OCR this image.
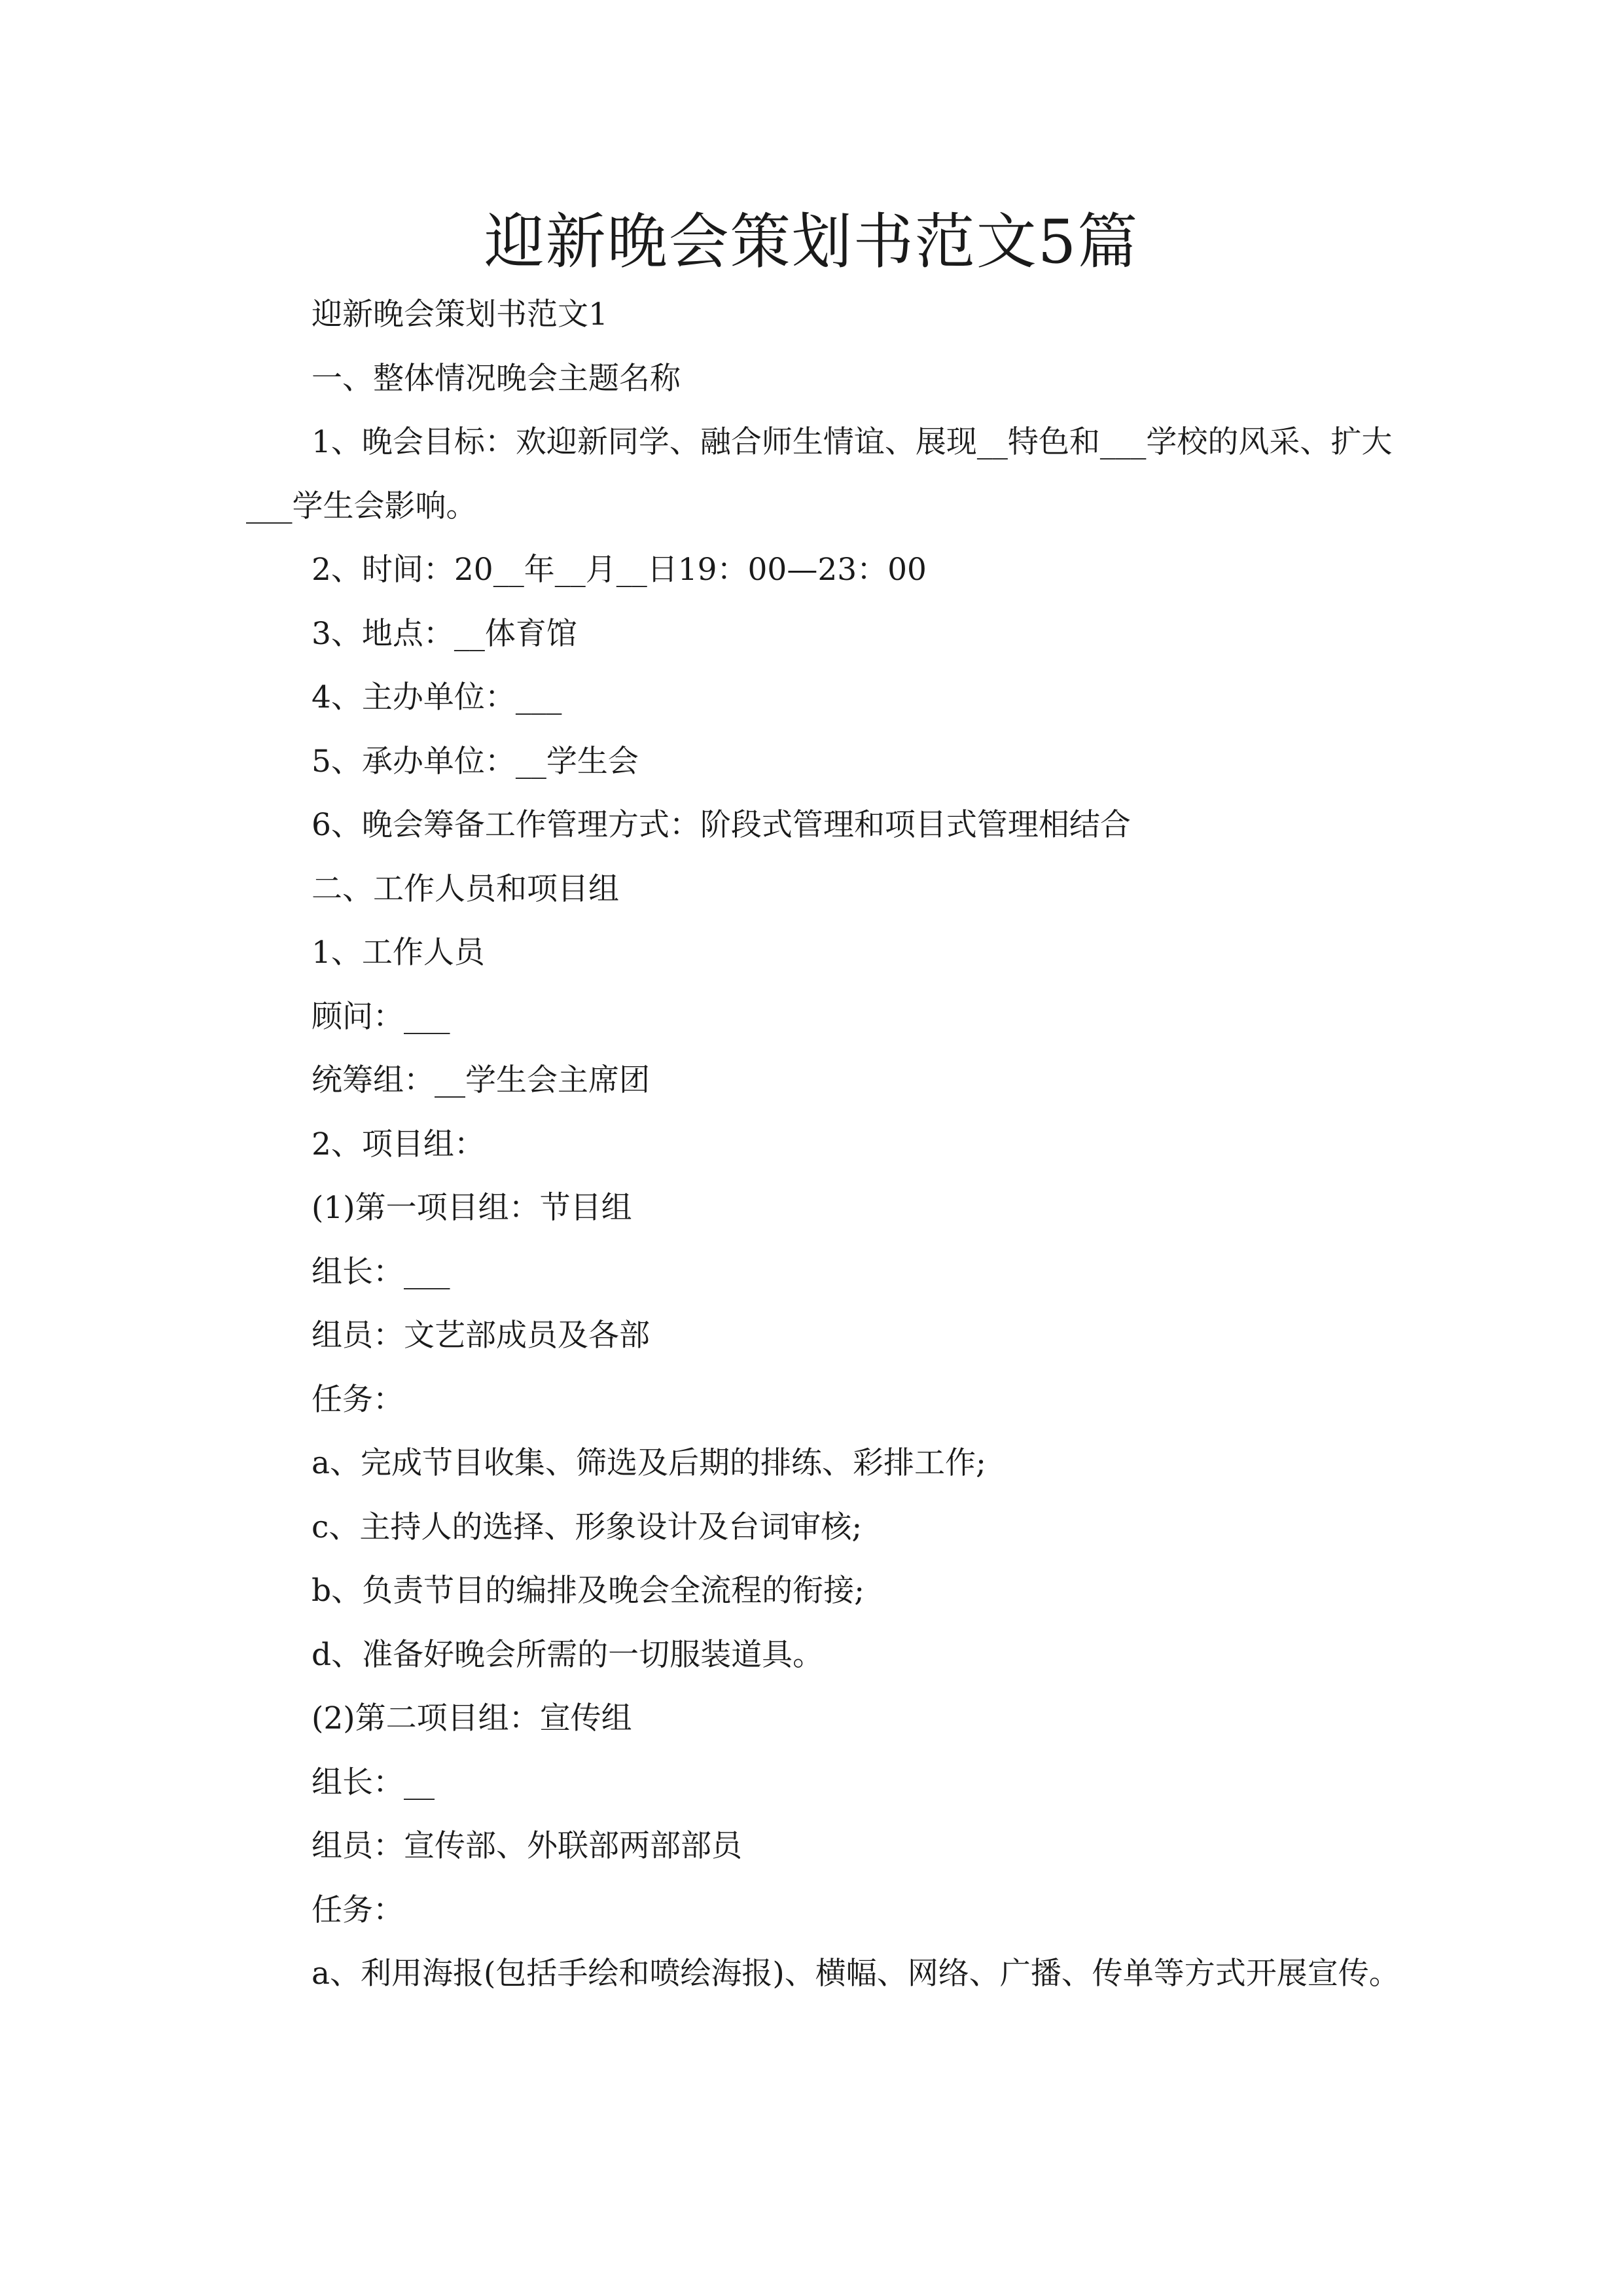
迎新晚会策划书范文5篇

迎新晚会策划书范文1

一、整体情况晚会主题名称

1、晚会目标：欢迎新同学、融合师生情谊、展现__特色和___学校的风采、扩大___学生会影响。

2、时间：20__年__月__日19：00—23：00

3、地点：__体育馆

4、主办单位：___

5、承办单位：__学生会

6、晚会筹备工作管理方式：阶段式管理和项目式管理相结合

二、工作人员和项目组

1、工作人员

顾问：___

统筹组：__学生会主席团

2、项目组：

(1)第一项目组：节目组

组长：___

组员：文艺部成员及各部

任务：

a、完成节目收集、筛选及后期的排练、彩排工作;

c、主持人的选择、形象设计及台词审核;

b、负责节目的编排及晚会全流程的衔接;

d、准备好晚会所需的一切服装道具。

(2)第二项目组：宣传组

组长：__

组员：宣传部、外联部两部部员

任务：

a、利用海报(包括手绘和喷绘海报)、横幅、网络、广播、传单等方式开展宣传。
